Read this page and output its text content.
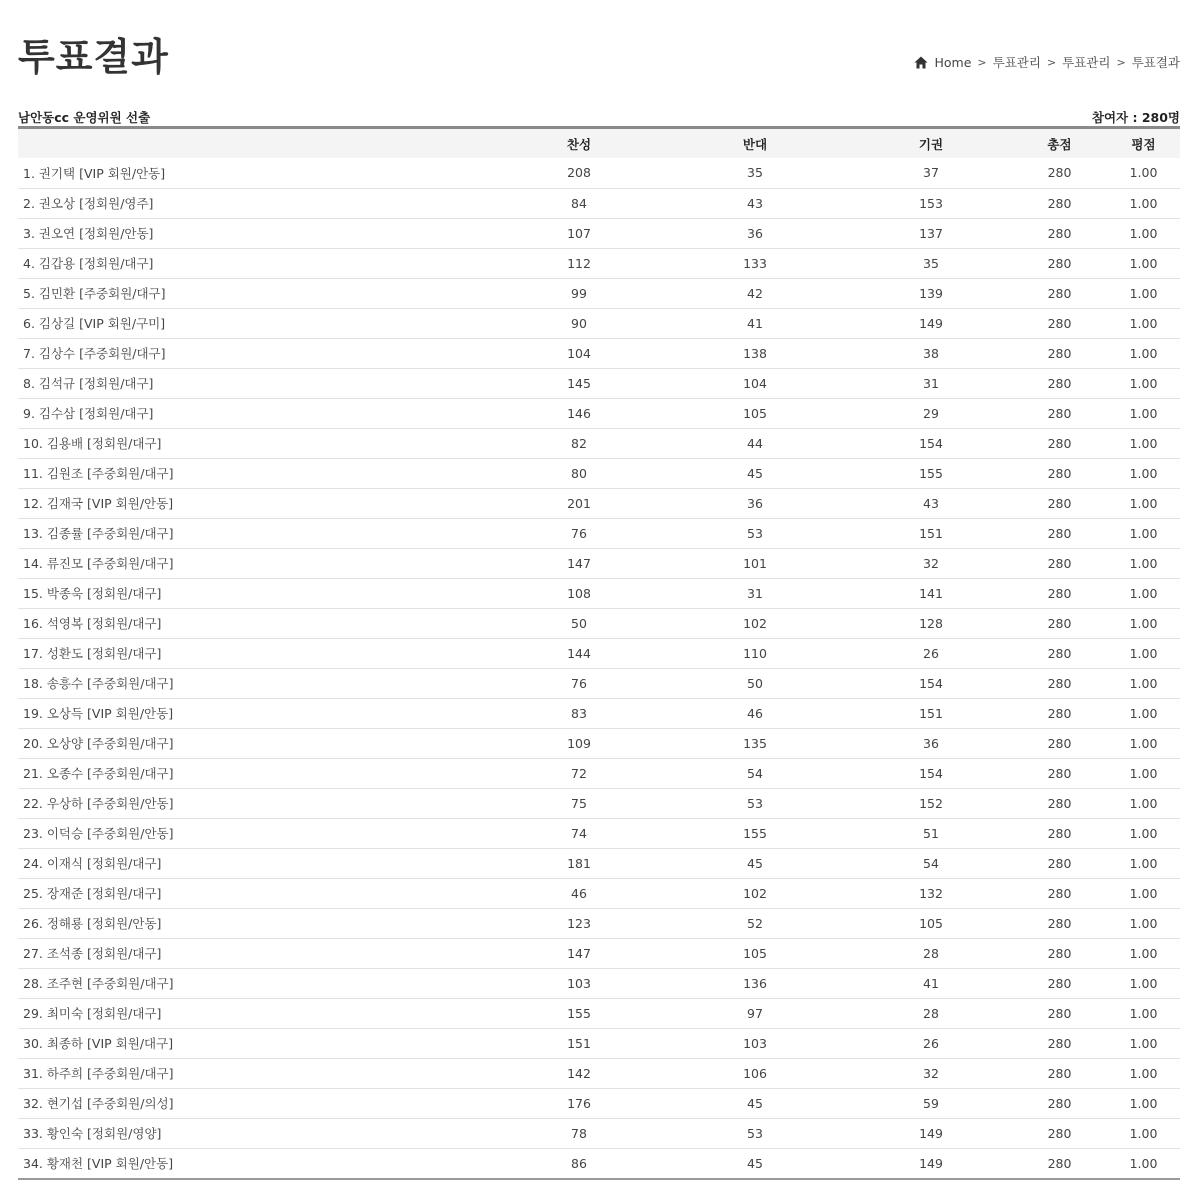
투표결과	Home > 투표관리 > 투표관리 > 투표결과
남안동cc 운영위원 선출	참여자 : 280명
	찬성	반대	기권	총점	평점
1. 권기택 [VIP 회원/안동]	208	35	37	280	1.00
2. 권오상 [정회원/영주]	84	43	153	280	1.00
3. 권오연 [정회원/안동]	107	36	137	280	1.00
4. 김갑용 [정회원/대구]	112	133	35	280	1.00
5. 김민환 [주중회원/대구]	99	42	139	280	1.00
6. 김상길 [VIP 회원/구미]	90	41	149	280	1.00
7. 김상수 [주중회원/대구]	104	138	38	280	1.00
8. 김석규 [정회원/대구]	145	104	31	280	1.00
9. 김수삼 [정회원/대구]	146	105	29	280	1.00
10. 김용배 [정회원/대구]	82	44	154	280	1.00
11. 김원조 [주중회원/대구]	80	45	155	280	1.00
12. 김재국 [VIP 회원/안동]	201	36	43	280	1.00
13. 김종률 [주중회원/대구]	76	53	151	280	1.00
14. 류진모 [주중회원/대구]	147	101	32	280	1.00
15. 박종욱 [정회원/대구]	108	31	141	280	1.00
16. 석영복 [정회원/대구]	50	102	128	280	1.00
17. 성환도 [정회원/대구]	144	110	26	280	1.00
18. 송흥수 [주중회원/대구]	76	50	154	280	1.00
19. 오상득 [VIP 회원/안동]	83	46	151	280	1.00
20. 오상양 [주중회원/대구]	109	135	36	280	1.00
21. 오종수 [주중회원/대구]	72	54	154	280	1.00
22. 우상하 [주중회원/안동]	75	53	152	280	1.00
23. 이덕승 [주중회원/안동]	74	155	51	280	1.00
24. 이재식 [정회원/대구]	181	45	54	280	1.00
25. 장재준 [정회원/대구]	46	102	132	280	1.00
26. 정해룡 [정회원/안동]	123	52	105	280	1.00
27. 조석종 [정회원/대구]	147	105	28	280	1.00
28. 조주현 [주중회원/대구]	103	136	41	280	1.00
29. 최미숙 [정회원/대구]	155	97	28	280	1.00
30. 최종하 [VIP 회원/대구]	151	103	26	280	1.00
31. 하주희 [주중회원/대구]	142	106	32	280	1.00
32. 현기섭 [주중회원/의성]	176	45	59	280	1.00
33. 황인숙 [정회원/영양]	78	53	149	280	1.00
34. 황재천 [VIP 회원/안동]	86	45	149	280	1.00
